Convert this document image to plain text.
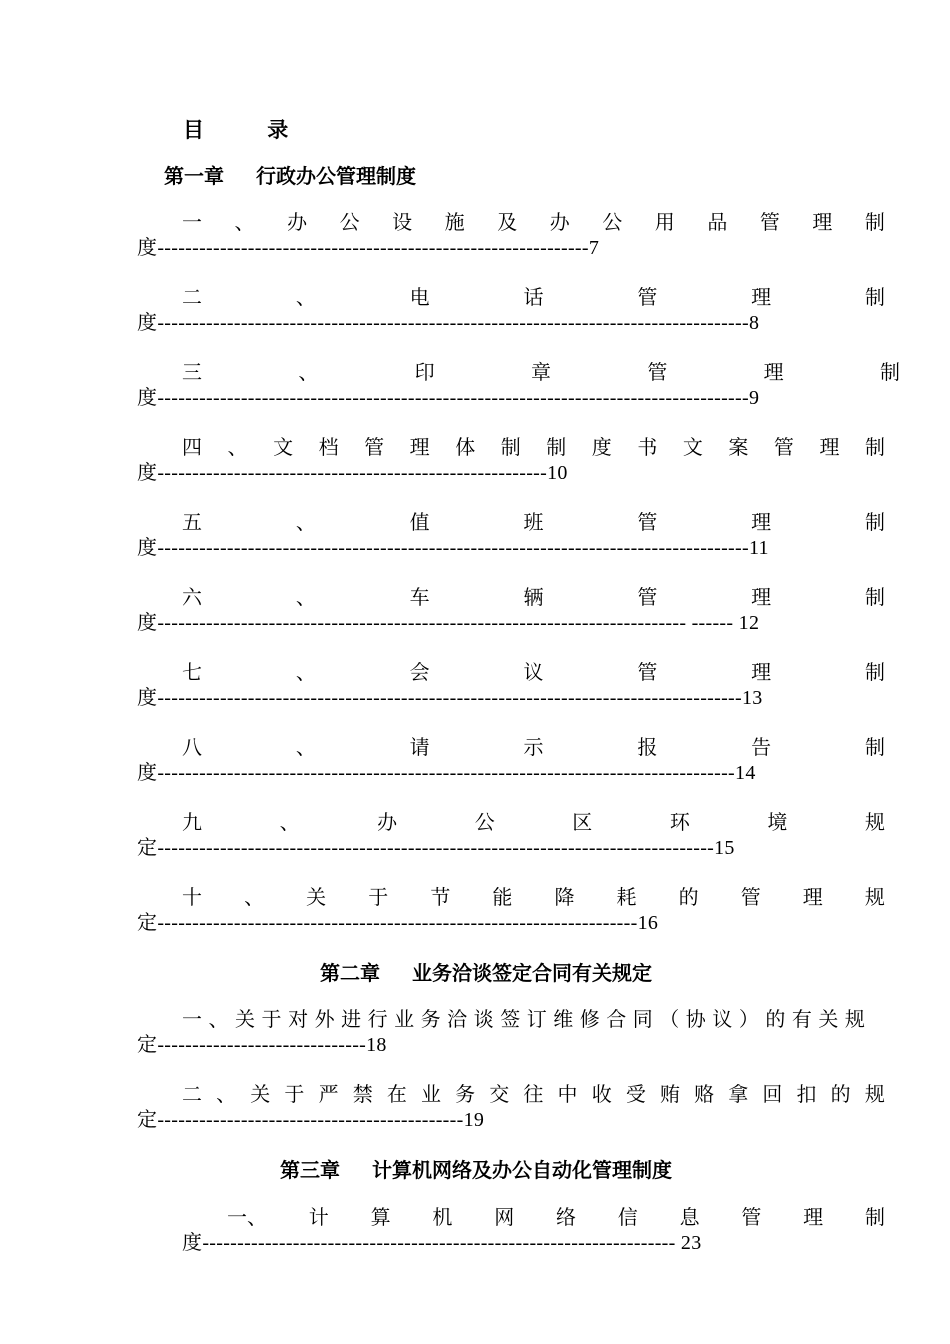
目 录
第一章 行政办公管理制度
一 、 办 公 设 施 及 办 公 用 品 管 理 制
度--------------------------------------------------------------7
二	、	电	话	管	理	制
度-------------------------------------------------------------------------------------8
三	、	印	章	管	理	制
度-------------------------------------------------------------------------------------9
四 、 文 档 管 理 体 制 制 度 书 文 案 管 理 制
度--------------------------------------------------------10
五	、	值	班	管	理	制
度-------------------------------------------------------------------------------------11
六	、	车	辆	管	理	制
度---------------------------------------------------------------------------- ------ 12
七	、	会	议	管	理	制
度------------------------------------------------------------------------------------13
八	、	请	示	报	告	制
度-----------------------------------------------------------------------------------14
九	、	办	公	区	环	境	规
定--------------------------------------------------------------------------------15
十 、 关 于 节 能 降 耗 的 管 理 规
定---------------------------------------------------------------------16
第二章 业务洽谈签定合同有关规定
一 、 关 于 对 外 进 行 业 务 洽 谈 签 订 维 修 合 同 （ 协 议 ） 的 有 关 规
定------------------------------18
二 、 关 于 严 禁 在 业 务 交 往 中 收 受 贿 赂 拿 回 扣 的 规
定--------------------------------------------19
第三章 计算机网络及办公自动化管理制度
一、 计 算 机 网 络 信 息 管 理 制
度-------------------------------------------------------------------- 23
